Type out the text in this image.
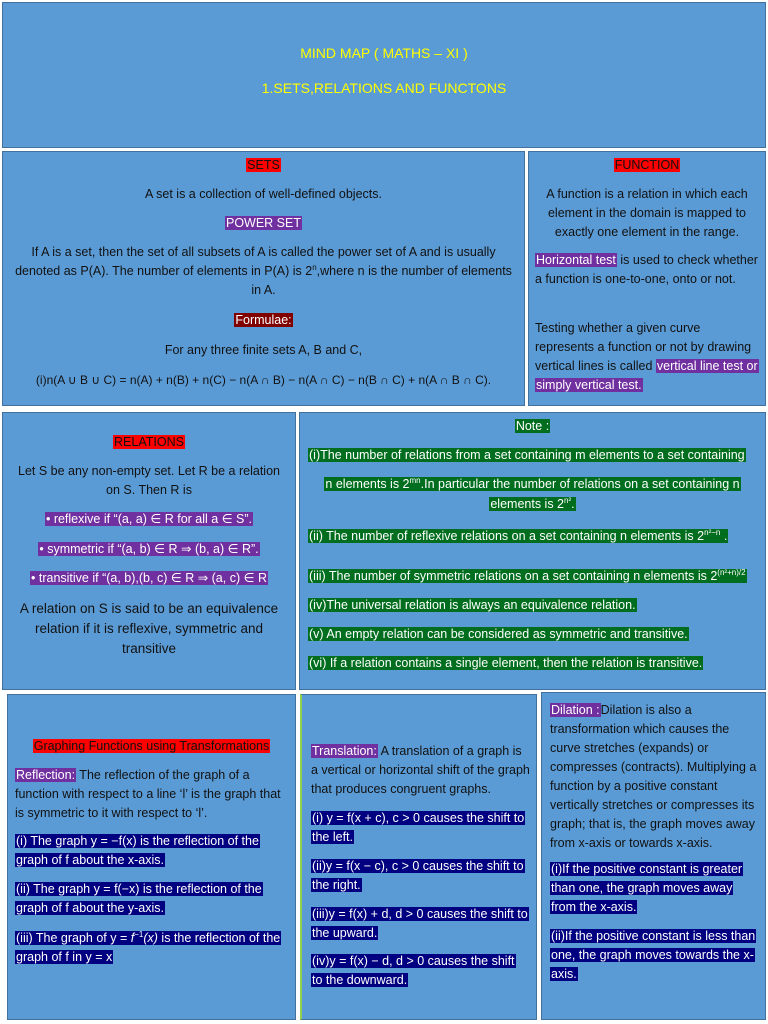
MIND MAP ( MATHS – XI )
1.SETS,RELATIONS AND FUNCTONS
SETS
A set is a collection of well-defined objects.
POWER SET
If A is a set, then the set of all subsets of A is called the power set of A and is usually denoted as P(A). The number of elements in P(A) is 2$^n$,where n is the number of elements in A.
Formulae:
For any three finite sets A, B and C,
(i)n(A ∪ B ∪ C) = n(A) + n(B) + n(C) − n(A ∩ B) − n(A ∩ C) − n(B ∩ C) + n(A ∩ B ∩ C).
FUNCTION
A function is a relation in which each element in the domain is mapped to exactly one element in the range.
Horizontal test is used to check whether a function is one-to-one, onto or not.
Testing whether a given curve represents a function or not by drawing vertical lines is called vertical line test or simply vertical test.
RELATIONS
Let S be any non-empty set. Let R be a relation on S. Then R is
• reflexive if “(a, a) ∈ R for all a ∈ S”.
• symmetric if “(a, b) ∈ R ⇒ (b, a) ∈ R”.
• transitive if “(a, b),(b, c) ∈ R ⇒ (a, c) ∈ R
A relation on S is said to be an equivalence relation if it is reflexive, symmetric and transitive
Note :
(i)The number of relations from a set containing m elements to a set containing
n elements is $2^{mn}.In$ particular the number of relations on a set containing n
elements is $2^{n^2}$.
(ii) The number of reflexive relations on a set containing n elements is $2^{n^2-n}$ .
(iii) The number of symmetric relations on a set containing n elements is $2^{(n^2+n)/2}$
(iv)The universal relation is always an equivalence relation.
(v) An empty relation can be considered as symmetric and transitive.
(vi) If a relation contains a single element, then the relation is transitive.
Graphing Functions using Transformations
Reflection: The reflection of the graph of a function with respect to a line ‘l’ is the graph that is symmetric to it with respect to ‘l’.
(i) The graph y = −f(x) is the reflection of the graph of f about the x-axis.
(ii) The graph y = f(−x) is the reflection of the graph of f about the y-axis.
(iii) The graph of $y = f^{-1}(x)$ is the reflection of the graph of f in y = x
Translation: A translation of a graph is a vertical or horizontal shift of the graph that produces congruent graphs.
(i) y = f(x + c), c > 0 causes the shift to the left.
(ii)y = f(x − c), c > 0 causes the shift to the right.
(iii)y = f(x) + d, d > 0 causes the shift to the upward.
(iv)y = f(x) − d, d > 0 causes the shift to the downward.
Dilation :Dilation is also a transformation which causes the curve stretches (expands) or compresses (contracts). Multiplying a function by a positive constant vertically stretches or compresses its graph; that is, the graph moves away from x-axis or towards x-axis.
(i)If the positive constant is greater than one, the graph moves away from the x-axis.
(ii)If the positive constant is less than one, the graph moves towards the x-axis.
